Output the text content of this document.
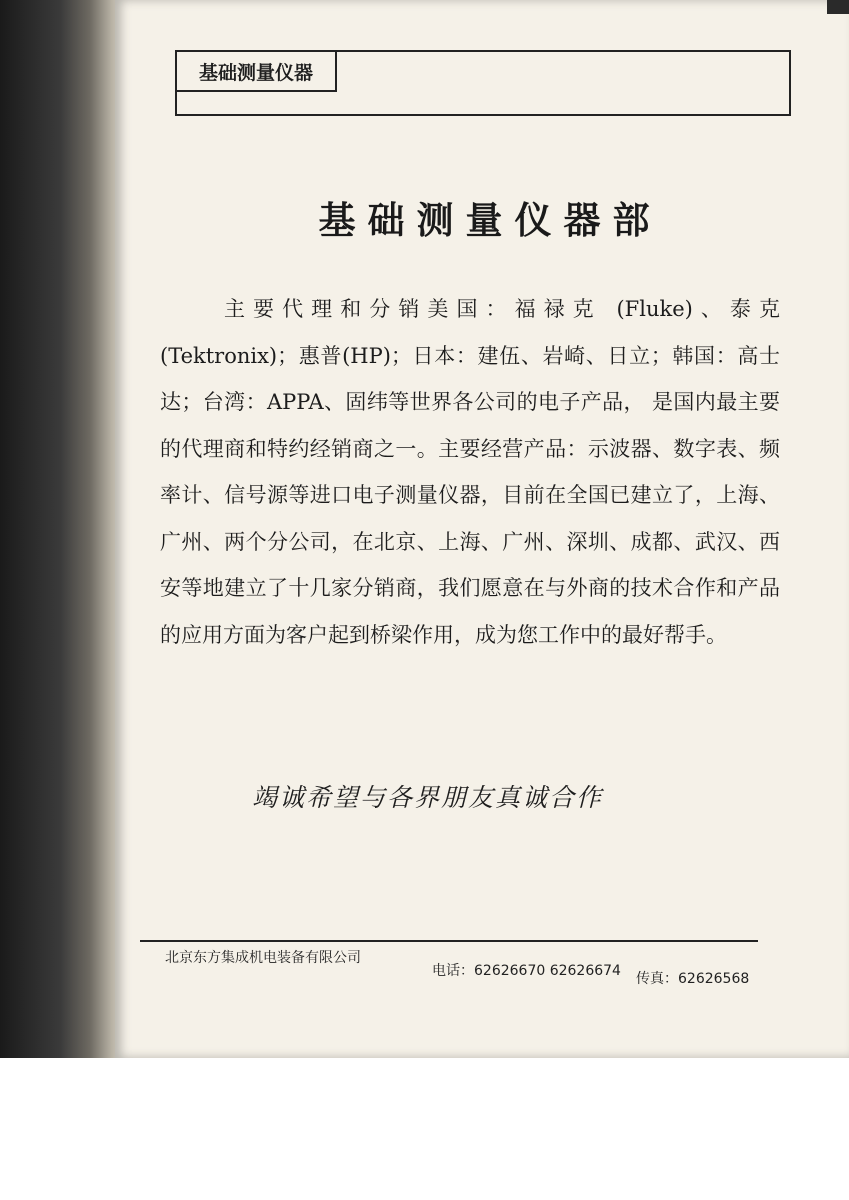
基础测量仪器
基础测量仪器部

主要代理和分销美国：福禄克 (Fluke)、泰克 (Tektronix)；惠普(HP)；日本：建伍、岩崎、日立；韩国：高士达；台湾：APPA、固纬等世界各公司的电子产品， 是国内最主要的代理商和特约经销商之一。主要经营产品：示波器、数字表、频率计、信号源等进口电子测量仪器，目前在全国已建立了，上海、广州、两个分公司，在北京、上海、广州、深圳、成都、武汉、西安等地建立了十几家分销商，我们愿意在与外商的技术合作和产品的应用方面为客户起到桥梁作用，成为您工作中的最好帮手。

竭诚希望与各界朋友真诚合作
北京东方集成机电装备有限公司
电话：62626670 62626674 传真：62626568
